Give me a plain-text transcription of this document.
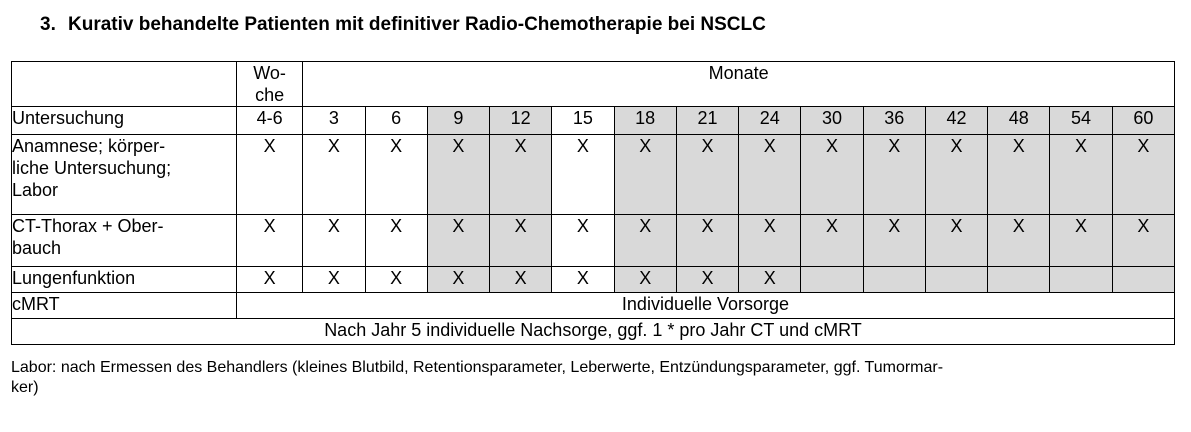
3. Kurativ behandelte Patienten mit definitiver Radio-Chemotherapie bei NSCLC
	Wo-
che	Monate													
Untersuchung	4-6	3	6	9	12	15	18	21	24	30	36	42	48	54	60
Anamnese; körper-
liche Untersuchung;
Labor	X	X	X	X	X	X	X	X	X	X	X	X	X	X	X
CT-Thorax + Ober-
bauch	X	X	X	X	X	X	X	X	X	X	X	X	X	X	X
Lungenfunktion	X	X	X	X	X	X	X	X	X						
cMRT	Individuelle Vorsorge														
Nach Jahr 5 individuelle Nachsorge, ggf. 1 * pro Jahr CT und cMRT															
Labor: nach Ermessen des Behandlers (kleines Blutbild, Retentionsparameter, Leberwerte, Entzündungsparameter, ggf. Tumormar-
ker)
